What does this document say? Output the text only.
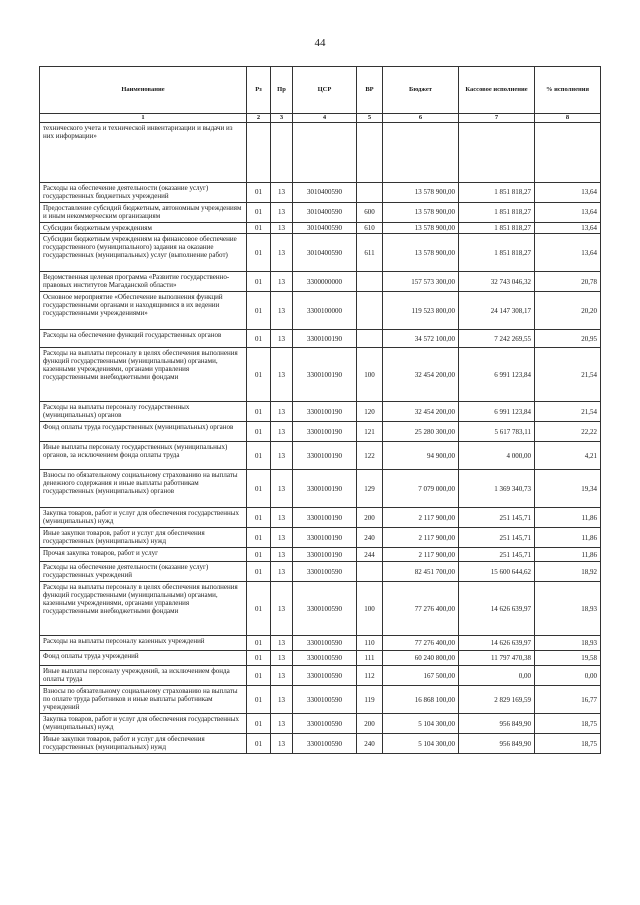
44
Наименование	Рз	Пр	ЦСР	ВР	Бюджет	Кассовое исполнение	% исполнения
1	2	3	4	5	6	7	8
технического учета и технической инвентаризации и выдачи из них информации»							
Расходы на обеспечение деятельности (оказание услуг) государственных бюджетных учреждений	01	13	3010400590		13 578 900,00	1 851 818,27	13,64
Предоставление субсидий бюджетным, автономным учреждениям и иным некоммерческим организациям	01	13	3010400590	600	13 578 900,00	1 851 818,27	13,64
Субсидии бюджетным учреждениям	01	13	3010400590	610	13 578 900,00	1 851 818,27	13,64
Субсидии бюджетным учреждениям на финансовое обеспечение государственного (муниципального) задания на оказание государственных (муниципальных) услуг (выполнение работ)	01	13	3010400590	611	13 578 900,00	1 851 818,27	13,64
Ведомственная целевая программа «Развитие государственно-правовых институтов Магаданской области»	01	13	3300000000		157 573 300,00	32 743 046,32	20,78
Основное мероприятие «Обеспечение выполнения функций государственными органами и находящимися в их ведении государственными учреждениями»	01	13	3300100000		119 523 800,00	24 147 308,17	20,20
Расходы на обеспечение функций государственных органов	01	13	3300100190		34 572 100,00	7 242 269,55	20,95
Расходы на выплаты персоналу в целях обеспечения выполнения функций государственными (муниципальными) органами, казенными учреждениями, органами управления государственными внебюджетными фондами	01	13	3300100190	100	32 454 200,00	6 991 123,84	21,54
Расходы на выплаты персоналу государственных (муниципальных) органов	01	13	3300100190	120	32 454 200,00	6 991 123,84	21,54
Фонд оплаты труда государственных (муниципальных) органов	01	13	3300100190	121	25 280 300,00	5 617 783,11	22,22
Иные выплаты персоналу государственных (муниципальных) органов, за исключением фонда оплаты труда	01	13	3300100190	122	94 900,00	4 000,00	4,21
Взносы по обязательному социальному страхованию на выплаты денежного содержания и иные выплаты работникам государственных (муниципальных) органов	01	13	3300100190	129	7 079 000,00	1 369 340,73	19,34
Закупка товаров, работ и услуг для обеспечения государственных (муниципальных) нужд	01	13	3300100190	200	2 117 900,00	251 145,71	11,86
Иные закупки товаров, работ и услуг для обеспечения государственных (муниципальных) нужд	01	13	3300100190	240	2 117 900,00	251 145,71	11,86
Прочая закупка товаров, работ и услуг	01	13	3300100190	244	2 117 900,00	251 145,71	11,86
Расходы на обеспечение деятельности (оказание услуг) государственных учреждений	01	13	3300100590		82 451 700,00	15 600 644,62	18,92
Расходы на выплаты персоналу в целях обеспечения выполнения функций государственными (муниципальными) органами, казенными учреждениями, органами управления государственными внебюджетными фондами	01	13	3300100590	100	77 276 400,00	14 626 639,97	18,93
Расходы на выплаты персоналу казенных учреждений	01	13	3300100590	110	77 276 400,00	14 626 639,97	18,93
Фонд оплаты труда учреждений	01	13	3300100590	111	60 240 800,00	11 797 470,38	19,58
Иные выплаты персоналу учреждений, за исключением фонда оплаты труда	01	13	3300100590	112	167 500,00	0,00	0,00
Взносы по обязательному социальному страхованию на выплаты по оплате труда работников и иные выплаты работникам учреждений	01	13	3300100590	119	16 868 100,00	2 829 169,59	16,77
Закупка товаров, работ и услуг для обеспечения государственных (муниципальных) нужд	01	13	3300100590	200	5 104 300,00	956 849,90	18,75
Иные закупки товаров, работ и услуг для обеспечения государственных (муниципальных) нужд	01	13	3300100590	240	5 104 300,00	956 849,90	18,75
